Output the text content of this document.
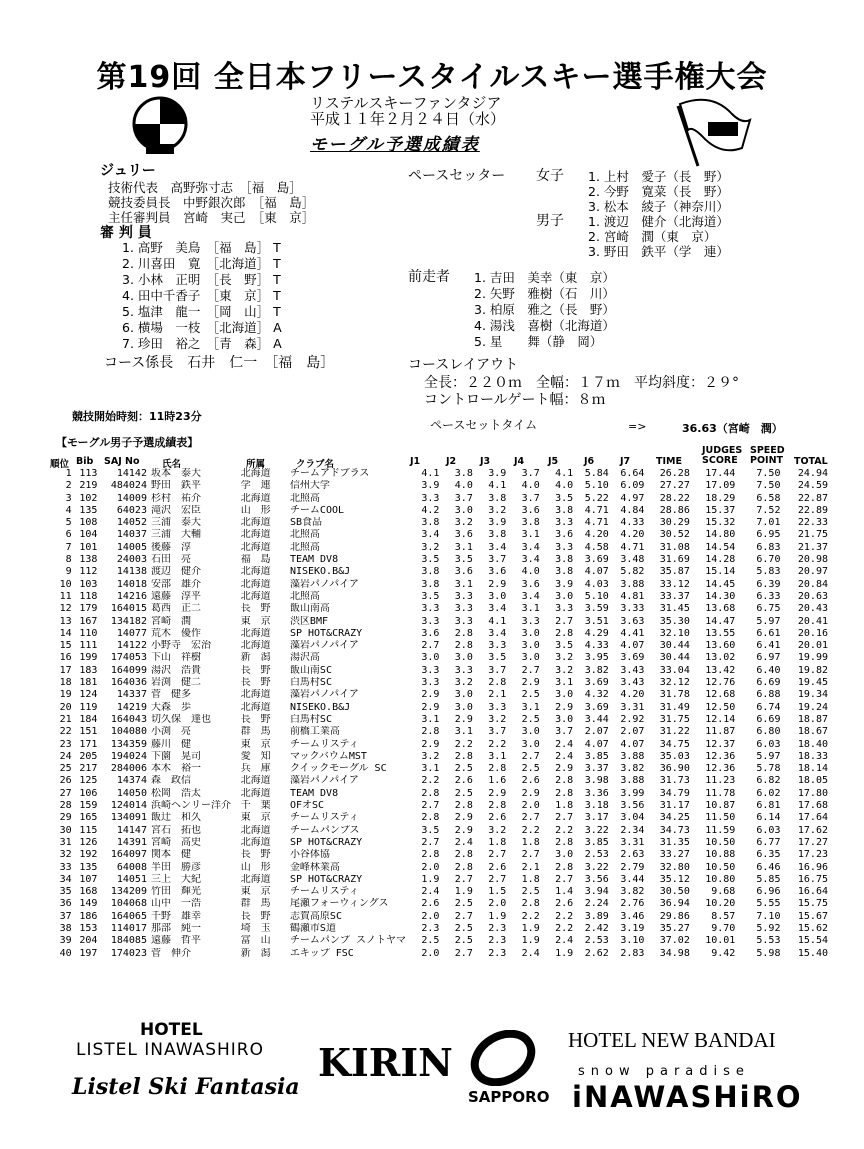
第19回 全日本フリースタイルスキー選手権大会
リステルスキーファンタジア
平成１１年２月２４日（水）
モーグル予選成績表
ジュリー
技術代表　高野弥寸志　［福　島］
競技委員長　中野銀次郎　［福　島］
主任審判員　宮崎　実己　［東　京］
審 判 員
1. 高野　美鳥　［福　島］ T
2. 川喜田　寛　［北海道］ T
3. 小林　正明　［長　野］ T
4. 田中千香子　［東　京］ T
5. 塩津　龍一　［岡　山］ T
6. 横場　一枝　［北海道］ A
7. 珍田　裕之　［青　森］ A
コース係長　石井　仁一　［福　島］
ペースセッター 女子 1. 上村　愛子（長　野）
2. 今野　寛菜（長　野）
3. 松本　綾子（神奈川）
男子 1. 渡辺　健介（北海道）
2. 宮崎　潤（東　京）
3. 野田　鉄平（学　連）
前走者 1. 吉田　美幸（東　京）
2. 矢野　雅樹（石　川）
3. 柏原　雅之（長　野）
4. 湯浅　喜樹（北海道）
5. 星　　舞（静　岡）
コースレイアウト
全長：２２０ｍ　全幅：１７ｍ　平均斜度：２９°
コントロールゲート幅：８ｍ
競技開始時刻：11時23分
ペースセットタイム	=>	36.63（宮崎　潤）
【モーグル男子予選成績表】
順位 Bib SAJ No 氏名	所属	クラブ名	J1	J2	J3	J4	J5	J6	J7	TIME
JUDGES SCORE
SPEED POINT	TOTAL
1	113	14142	坂本　泰大	北海道	チームアドブラス	4.1	3.8	3.9	3.7	4.1	5.84	6.64	26.28	17.44	7.50	24.94
2	219	484024	野田　鉄平	学　連	信州大学	3.9	4.0	4.1	4.0	4.0	5.10	6.09	27.27	17.09	7.50	24.59
3	102	14009	杉村　祐介	北海道	北照高	3.3	3.7	3.8	3.7	3.5	5.22	4.97	28.22	18.29	6.58	22.87
4	135	64023	滝沢　宏臣	山　形	チームCOOL	4.2	3.0	3.2	3.6	3.8	4.71	4.84	28.86	15.37	7.52	22.89
5	108	14052	三浦　泰大	北海道	SB食品	3.8	3.2	3.9	3.8	3.3	4.71	4.33	30.29	15.32	7.01	22.33
6	104	14037	三浦　大輔	北海道	北照高	3.4	3.6	3.8	3.1	3.6	4.20	4.20	30.52	14.80	6.95	21.75
7	101	14005	後藤　淳	北海道	北照高	3.2	3.1	3.4	3.4	3.3	4.58	4.71	31.08	14.54	6.83	21.37
8	138	24003	石田　亮	福　島	TEAM DV8	3.5	3.5	3.7	3.4	3.8	3.69	3.48	31.69	14.28	6.70	20.98
9	112	14138	渡辺　健介	北海道	NISEKO.B&J	3.8	3.6	3.6	4.0	3.8	4.07	5.82	35.87	15.14	5.83	20.97
10	103	14018	安部　雄介	北海道	藻岩パノパイア	3.8	3.1	2.9	3.6	3.9	4.03	3.88	33.12	14.45	6.39	20.84
11	118	14216	遠藤　淳平	北海道	北照高	3.5	3.3	3.0	3.4	3.0	5.10	4.81	33.37	14.30	6.33	20.63
12	179	164015	葛西　正二	長　野	飯山南高	3.3	3.3	3.4	3.1	3.3	3.59	3.33	31.45	13.68	6.75	20.43
13	167	134182	宮崎　潤	東　京	渋区BMF	3.3	3.3	4.1	3.3	2.7	3.51	3.63	35.30	14.47	5.97	20.41
14	110	14077	荒木　優作	北海道	SP HOT&CRAZY	3.6	2.8	3.4	3.0	2.8	4.29	4.41	32.10	13.55	6.61	20.16
15	111	14122	小野寺　宏治	北海道	藻岩パノパイア	2.7	2.8	3.3	3.0	3.5	4.33	4.07	30.44	13.60	6.41	20.01
16	199	174053	下山　祥樹	新　潟	湯沢高	3.0	3.0	3.5	3.0	3.2	3.95	3.69	30.44	13.02	6.97	19.99
17	183	164099	湯沢　浩貴	長　野	飯山南SC	3.3	3.3	3.7	2.7	3.2	3.82	3.43	33.04	13.42	6.40	19.82
18	181	164036	岩渕　健二	長　野	白馬村SC	3.3	3.2	2.8	2.9	3.1	3.69	3.43	32.12	12.76	6.69	19.45
19	124	14337	菅　健多	北海道	藻岩パノパイア	2.9	3.0	2.1	2.5	3.0	4.32	4.20	31.78	12.68	6.88	19.34
20	119	14219	大森　歩	北海道	NISEKO.B&J	2.9	3.0	3.3	3.1	2.9	3.69	3.31	31.49	12.50	6.74	19.24
21	184	164043	切久保　達也	長　野	白馬村SC	3.1	2.9	3.2	2.5	3.0	3.44	2.92	31.75	12.14	6.69	18.87
22	151	104080	小渕　亮	群　馬	前橋工業高	2.8	3.1	3.7	3.0	3.7	2.07	2.07	31.22	11.87	6.80	18.67
23	171	134359	藤川　健	東　京	チームリスティ	2.9	2.2	2.2	3.0	2.4	4.07	4.07	34.75	12.37	6.03	18.40
24	205	194024	下薗　晃司	愛　知	マックバウムMST	3.2	2.8	3.1	2.7	2.4	3.85	3.88	35.03	12.36	5.97	18.33
25	217	284006	本木　裕一	兵　庫	クイックモーグル SC	3.1	2.5	2.8	2.5	2.9	3.37	3.82	36.90	12.36	5.78	18.14
26	125	14374	森　政信	北海道	藻岩パノパイア	2.2	2.6	1.6	2.6	2.8	3.98	3.88	31.73	11.23	6.82	18.05
27	106	14050	松岡　浩太	北海道	TEAM DV8	2.8	2.5	2.9	2.9	2.8	3.36	3.99	34.79	11.78	6.02	17.80
28	159	124014	浜崎ヘンリー洋介	千　葉	OFオSC	2.7	2.8	2.8	2.0	1.8	3.18	3.56	31.17	10.87	6.81	17.68
29	165	134091	飯辻　和久	東　京	チームリスティ	2.8	2.9	2.6	2.7	2.7	3.17	3.04	34.25	11.50	6.14	17.64
30	115	14147	宮石　拓也	北海道	チームパンプス	3.5	2.9	3.2	2.2	2.2	3.22	2.34	34.73	11.59	6.03	17.62
31	126	14391	宮崎　高史	北海道	SP HOT&CRAZY	2.7	2.4	1.8	1.8	2.8	3.85	3.31	31.35	10.50	6.77	17.27
32	192	164097	関本　健	長　野	小谷体協	2.8	2.8	2.7	2.7	3.0	2.53	2.63	33.27	10.88	6.35	17.23
33	135	64008	半田　勝彦	山　形	金峰林業高	2.0	2.8	2.6	2.1	2.8	3.22	2.79	32.80	10.50	6.46	16.96
34	107	14051	三上　大紀	北海道	SP HOT&CRAZY	1.9	2.7	2.7	1.8	2.7	3.56	3.44	35.12	10.80	5.85	16.75
35	168	134209	竹田　輝光	東　京	チームリスティ	2.4	1.9	1.5	2.5	1.4	3.94	3.82	30.50	9.68	6.96	16.64
36	149	104068	山中　一浩	群　馬	尾瀬フォーウィングス	2.6	2.5	2.0	2.8	2.6	2.24	2.76	36.94	10.20	5.55	15.75
37	186	164065	千野　雄幸	長　野	志賀高原SC	2.0	2.7	1.9	2.2	2.2	3.89	3.46	29.86	8.57	7.10	15.67
38	153	114017	那部　純一	埼　玉	鶴瀬市S道	2.3	2.5	2.3	1.9	2.2	2.42	3.19	35.27	9.70	5.92	15.62
39	204	184085	遠藤　哲平	富　山	チームパンプ スノトヤマ	2.5	2.5	2.3	1.9	2.4	2.53	3.10	37.02	10.01	5.53	15.54
40	197	174023	菅　伸介	新　潟	エキップ FSC	2.0	2.7	2.3	2.4	1.9	2.62	2.83	34.98	9.42	5.98	15.40
HOTEL
LISTEL INAWASHIRO
Listel Ski Fantasia
KIRIN
SAPPORO
HOTEL NEW BANDAI
snow paradise
iNAWASHiRO
